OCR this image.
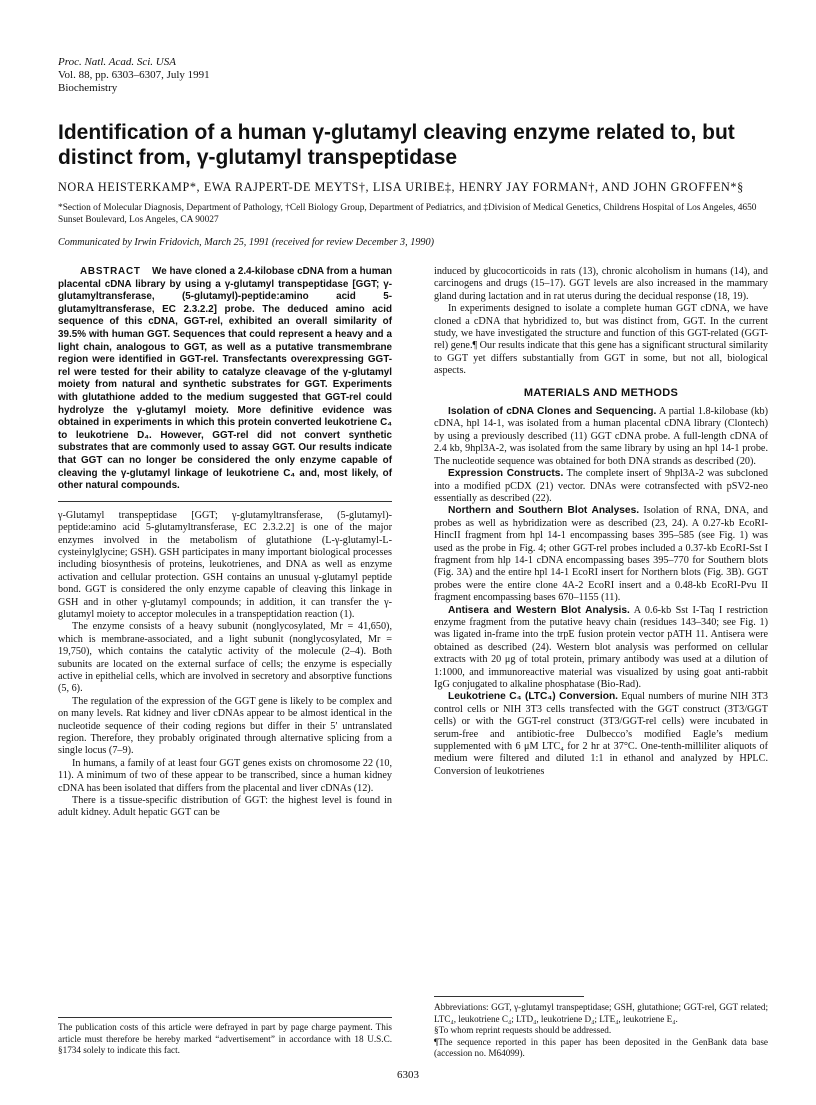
Proc. Natl. Acad. Sci. USA
Vol. 88, pp. 6303–6307, July 1991
Biochemistry
Identification of a human γ-glutamyl cleaving enzyme related to, but distinct from, γ-glutamyl transpeptidase
NORA HEISTERKAMP*, EWA RAJPERT-DE MEYTS†, LISA URIBE‡, HENRY JAY FORMAN†, AND JOHN GROFFEN*§
*Section of Molecular Diagnosis, Department of Pathology, †Cell Biology Group, Department of Pediatrics, and ‡Division of Medical Genetics, Childrens Hospital of Los Angeles, 4650 Sunset Boulevard, Los Angeles, CA 90027
Communicated by Irwin Fridovich, March 25, 1991 (received for review December 3, 1990)

ABSTRACT We have cloned a 2.4-kilobase cDNA from a human placental cDNA library by using a γ-glutamyl transpeptidase [GGT; γ-glutamyltransferase, (5-glutamyl)-peptide:amino acid 5-glutamyltransferase, EC 2.3.2.2] probe. The deduced amino acid sequence of this cDNA, GGT-rel, exhibited an overall similarity of 39.5% with human GGT. Sequences that could represent a heavy and a light chain, analogous to GGT, as well as a putative transmembrane region were identified in GGT-rel. Transfectants overexpressing GGT-rel were tested for their ability to catalyze cleavage of the γ-glutamyl moiety from natural and synthetic substrates for GGT. Experiments with glutathione added to the medium suggested that GGT-rel could hydrolyze the γ-glutamyl moiety. More definitive evidence was obtained in experiments in which this protein converted leukotriene C₄ to leukotriene D₄. However, GGT-rel did not convert synthetic substrates that are commonly used to assay GGT. Our results indicate that GGT can no longer be considered the only enzyme capable of cleaving the γ-glutamyl linkage of leukotriene C₄ and, most likely, of other natural compounds.

γ-Glutamyl transpeptidase [GGT; γ-glutamyltransferase, (5-glutamyl)-peptide:amino acid 5-glutamyltransferase, EC 2.3.2.2] is one of the major enzymes involved in the metabolism of glutathione (L-γ-glutamyl-L-cysteinylglycine; GSH). GSH participates in many important biological processes including biosynthesis of proteins, leukotrienes, and DNA as well as enzyme activation and cellular protection. GSH contains an unusual γ-glutamyl peptide bond. GGT is considered the only enzyme capable of cleaving this linkage in GSH and in other γ-glutamyl compounds; in addition, it can transfer the γ-glutamyl moiety to acceptor molecules in a transpeptidation reaction (1).

The enzyme consists of a heavy subunit (nonglycosylated, Mr = 41,650), which is membrane-associated, and a light subunit (nonglycosylated, Mr = 19,750), which contains the catalytic activity of the molecule (2–4). Both subunits are located on the external surface of cells; the enzyme is especially active in epithelial cells, which are involved in secretory and absorptive functions (5, 6).

The regulation of the expression of the GGT gene is likely to be complex and on many levels. Rat kidney and liver cDNAs appear to be almost identical in the nucleotide sequence of their coding regions but differ in their 5′ untranslated region. Therefore, they probably originated through alternative splicing from a single locus (7–9).

In humans, a family of at least four GGT genes exists on chromosome 22 (10, 11). A minimum of two of these appear to be transcribed, since a human kidney cDNA has been isolated that differs from the placental and liver cDNAs (12).

There is a tissue-specific distribution of GGT: the highest level is found in adult kidney. Adult hepatic GGT can be

The publication costs of this article were defrayed in part by page charge payment. This article must therefore be hereby marked “advertisement” in accordance with 18 U.S.C. §1734 solely to indicate this fact.

induced by glucocorticoids in rats (13), chronic alcoholism in humans (14), and carcinogens and drugs (15–17). GGT levels are also increased in the mammary gland during lactation and in rat uterus during the decidual response (18, 19).

In experiments designed to isolate a complete human GGT cDNA, we have cloned a cDNA that hybridized to, but was distinct from, GGT. In the current study, we have investigated the structure and function of this GGT-related (GGT-rel) gene.¶ Our results indicate that this gene has a significant structural similarity to GGT yet differs substantially from GGT in some, but not all, biological aspects.

MATERIALS AND METHODS

Isolation of cDNA Clones and Sequencing. A partial 1.8-kilobase (kb) cDNA, hpl 14-1, was isolated from a human placental cDNA library (Clontech) by using a previously described (11) GGT cDNA probe. A full-length cDNA of 2.4 kb, 9hpl3A-2, was isolated from the same library by using an hpl 14-1 probe. The nucleotide sequence was obtained for both DNA strands as described (20).

Expression Constructs. The complete insert of 9hpl3A-2 was subcloned into a modified pCDX (21) vector. DNAs were cotransfected with pSV2-neo essentially as described (22).

Northern and Southern Blot Analyses. Isolation of RNA, DNA, and probes as well as hybridization were as described (23, 24). A 0.27-kb EcoRI-HincII fragment from hpl 14-1 encompassing bases 395–585 (see Fig. 1) was used as the probe in Fig. 4; other GGT-rel probes included a 0.37-kb EcoRI-Sst I fragment from hlp 14-1 cDNA encompassing bases 395–770 for Southern blots (Fig. 3A) and the entire hpl 14-1 EcoRI insert for Northern blots (Fig. 3B). GGT probes were the entire clone 4A-2 EcoRI insert and a 0.48-kb EcoRI-Pvu II fragment encompassing bases 670–1155 (11).

Antisera and Western Blot Analysis. A 0.6-kb Sst I-Taq I restriction enzyme fragment from the putative heavy chain (residues 143–340; see Fig. 1) was ligated in-frame into the trpE fusion protein vector pATH 11. Antisera were obtained as described (24). Western blot analysis was performed on cellular extracts with 20 μg of total protein, primary antibody was used at a dilution of 1:1000, and immunoreactive material was visualized by using goat anti-rabbit IgG conjugated to alkaline phosphatase (Bio-Rad).

Leukotriene C₄ (LTC₄) Conversion. Equal numbers of murine NIH 3T3 control cells or NIH 3T3 cells transfected with the GGT construct (3T3/GGT cells) or with the GGT-rel construct (3T3/GGT-rel cells) were incubated in serum-free and antibiotic-free Dulbecco’s modified Eagle’s medium supplemented with 6 μM LTC₄ for 2 hr at 37°C. One-tenth-milliliter aliquots of medium were filtered and diluted 1:1 in ethanol and analyzed by HPLC. Conversion of leukotrienes

Abbreviations: GGT, γ-glutamyl transpeptidase; GSH, glutathione; GGT-rel, GGT related; LTC₄, leukotriene C₄; LTD₄, leukotriene D₄; LTE₄, leukotriene E₄.
§To whom reprint requests should be addressed.
¶The sequence reported in this paper has been deposited in the GenBank data base (accession no. M64099).
6303
